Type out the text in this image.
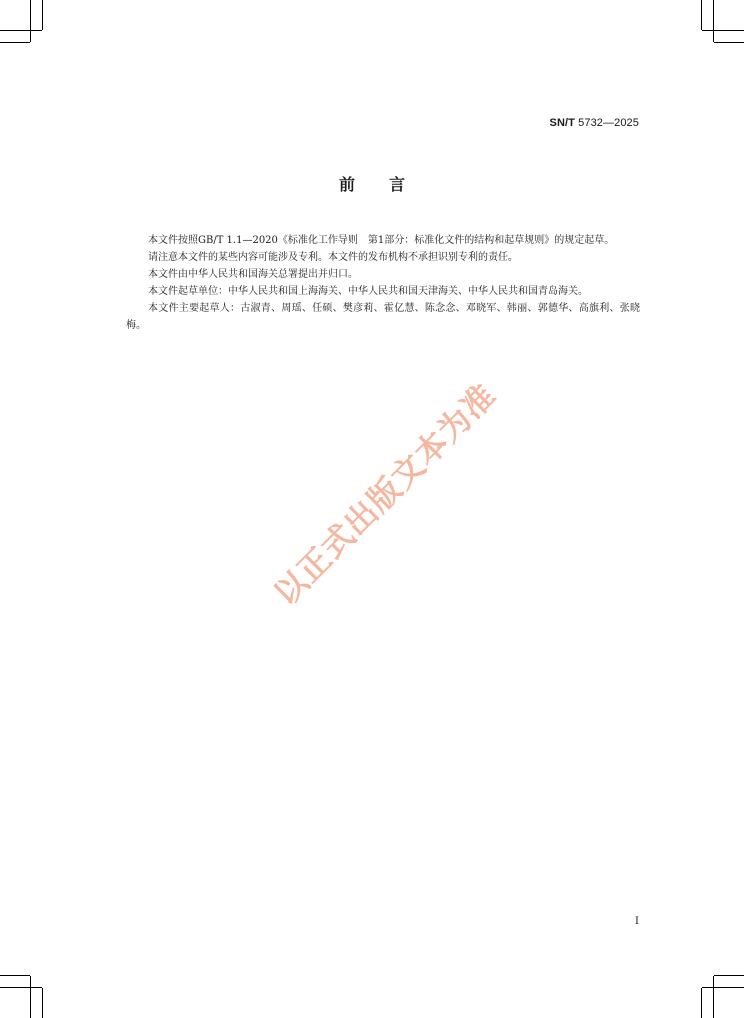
SN/T 5732—2025
前 言

本文件按照GB/T 1.1—2020《标准化工作导则　第1部分：标准化文件的结构和起草规则》的规定起草。

请注意本文件的某些内容可能涉及专利。本文件的发布机构不承担识别专利的责任。

本文件由中华人民共和国海关总署提出并归口。

本文件起草单位：中华人民共和国上海海关、中华人民共和国天津海关、中华人民共和国青岛海关。

本文件主要起草人：古淑青、周瑶、任硕、樊彦莉、霍亿慧、陈念念、邓晓军、韩丽、郭德华、高旗利、张晓梅。

以正式出版文本为准
I
